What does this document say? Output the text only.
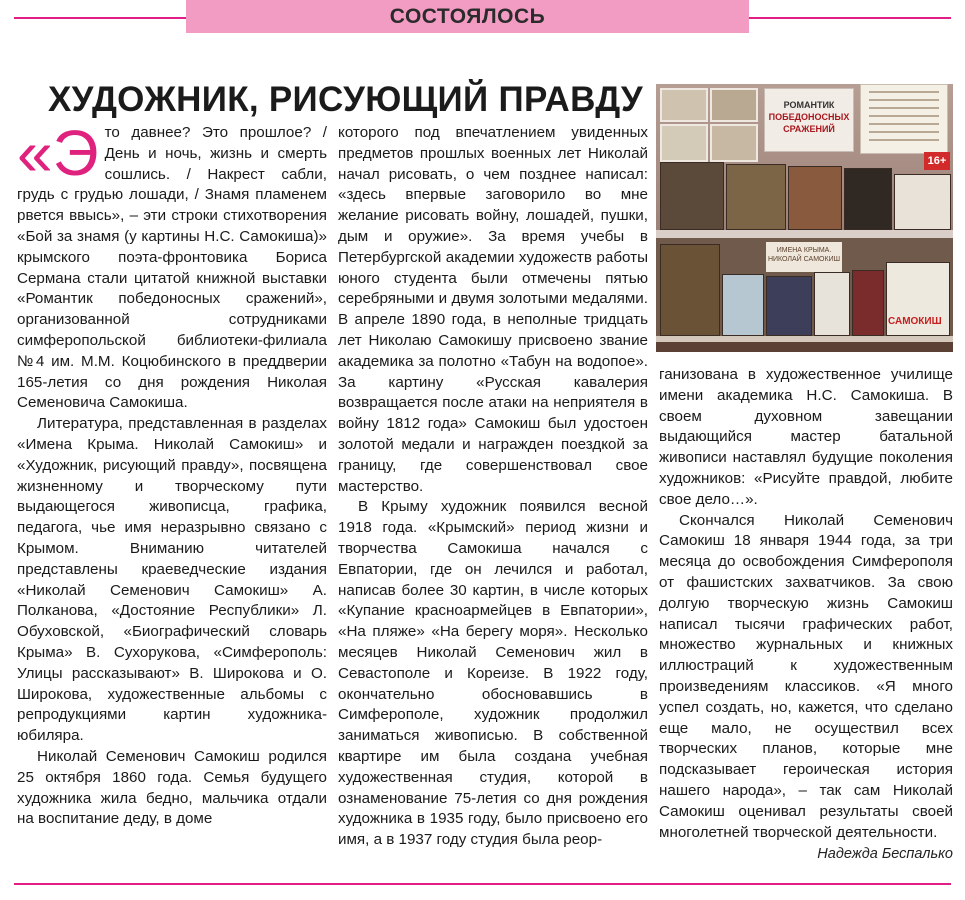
СОСТОЯЛОСЬ
ХУДОЖНИК, РИСУЮЩИЙ ПРАВДУ	РОМАНТИК
ПОБЕДОНОСНЫХ
СРАЖЕНИЙ
16+
ИМЕНА КРЫМА. НИКОЛАЙ САМОКИШ
САМОКИШ

«Это давнее? Это прошлое? / День и ночь, жизнь и смерть сошлись. / Накрест сабли, грудь с грудью лошади, / Знамя пламенем рвется ввысь», – эти строки стихотворения «Бой за знамя (у картины Н.С. Самокиша)» крымского поэта-фронтовика Бориса Сермана стали цитатой книжной выставки «Романтик победоносных сражений», организованной сотрудниками симферопольской библиотеки-филиала №4 им. М.М. Коцюбинского в преддверии 165-летия со дня рождения Николая Семеновича Самокиша.

Литература, представленная в разделах «Имена Крыма. Николай Самокиш» и «Художник, рисующий правду», посвящена жизненному и творческому пути выдающегося живописца, графика, педагога, чье имя неразрывно связано с Крымом. Вниманию читателей представлены краеведческие издания «Николай Семенович Самокиш» А. Полканова, «Достояние Республики» Л. Обуховской, «Биографический словарь Крыма» В. Сухорукова, «Симферополь: Улицы рассказывают» В. Широкова и О. Широкова, художественные альбомы с репродукциями картин художника-юбиляра.

Николай Семенович Самокиш родился 25 октября 1860 года. Семья будущего художника жила бедно, мальчика отдали на воспитание деду, в доме

которого под впечатлением увиденных предметов прошлых военных лет Николай начал рисовать, о чем позднее написал: «здесь впервые заговорило во мне желание рисовать войну, лошадей, пушки, дым и оружие». За время учебы в Петербургской академии художеств работы юного студента были отмечены пятью серебряными и двумя золотыми медалями. В апреле 1890 года, в неполные тридцать лет Николаю Самокишу присвоено звание академика за полотно «Табун на водопое». За картину «Русская кавалерия возвращается после атаки на неприятеля в войну 1812 года» Самокиш был удостоен золотой медали и награжден поездкой за границу, где совершенствовал свое мастерство.

В Крыму художник появился весной 1918 года. «Крымский» период жизни и творчества Самокиша начался с Евпатории, где он лечился и работал, написав более 30 картин, в числе которых «Купание красноармейцев в Евпатории», «На пляже» «На берегу моря». Несколько месяцев Николай Семенович жил в Севастополе и Кореизе. В 1922 году, окончательно обосновавшись в Симферополе, художник продолжил заниматься живописью. В собственной квартире им была создана учебная художественная студия, которой в ознаменование 75-летия со дня рождения художника в 1935 году, было присвоено его имя, а в 1937 году студия была реор-

ганизована в художественное училище имени академика Н.С. Самокиша. В своем духовном завещании выдающийся мастер батальной живописи наставлял будущие поколения художников: «Рисуйте правдой, любите свое дело…».

Скончался Николай Семенович Самокиш 18 января 1944 года, за три месяца до освобождения Симферополя от фашистских захватчиков. За свою долгую творческую жизнь Самокиш написал тысячи графических работ, множество журнальных и книжных иллюстраций к художественным произведениям классиков. «Я много успел создать, но, кажется, что сделано еще мало, не осуществил всех творческих планов, которые мне подсказывает героическая история нашего народа», – так сам Николай Самокиш оценивал результаты своей многолетней творческой деятельности.

Надежда Беспалько
